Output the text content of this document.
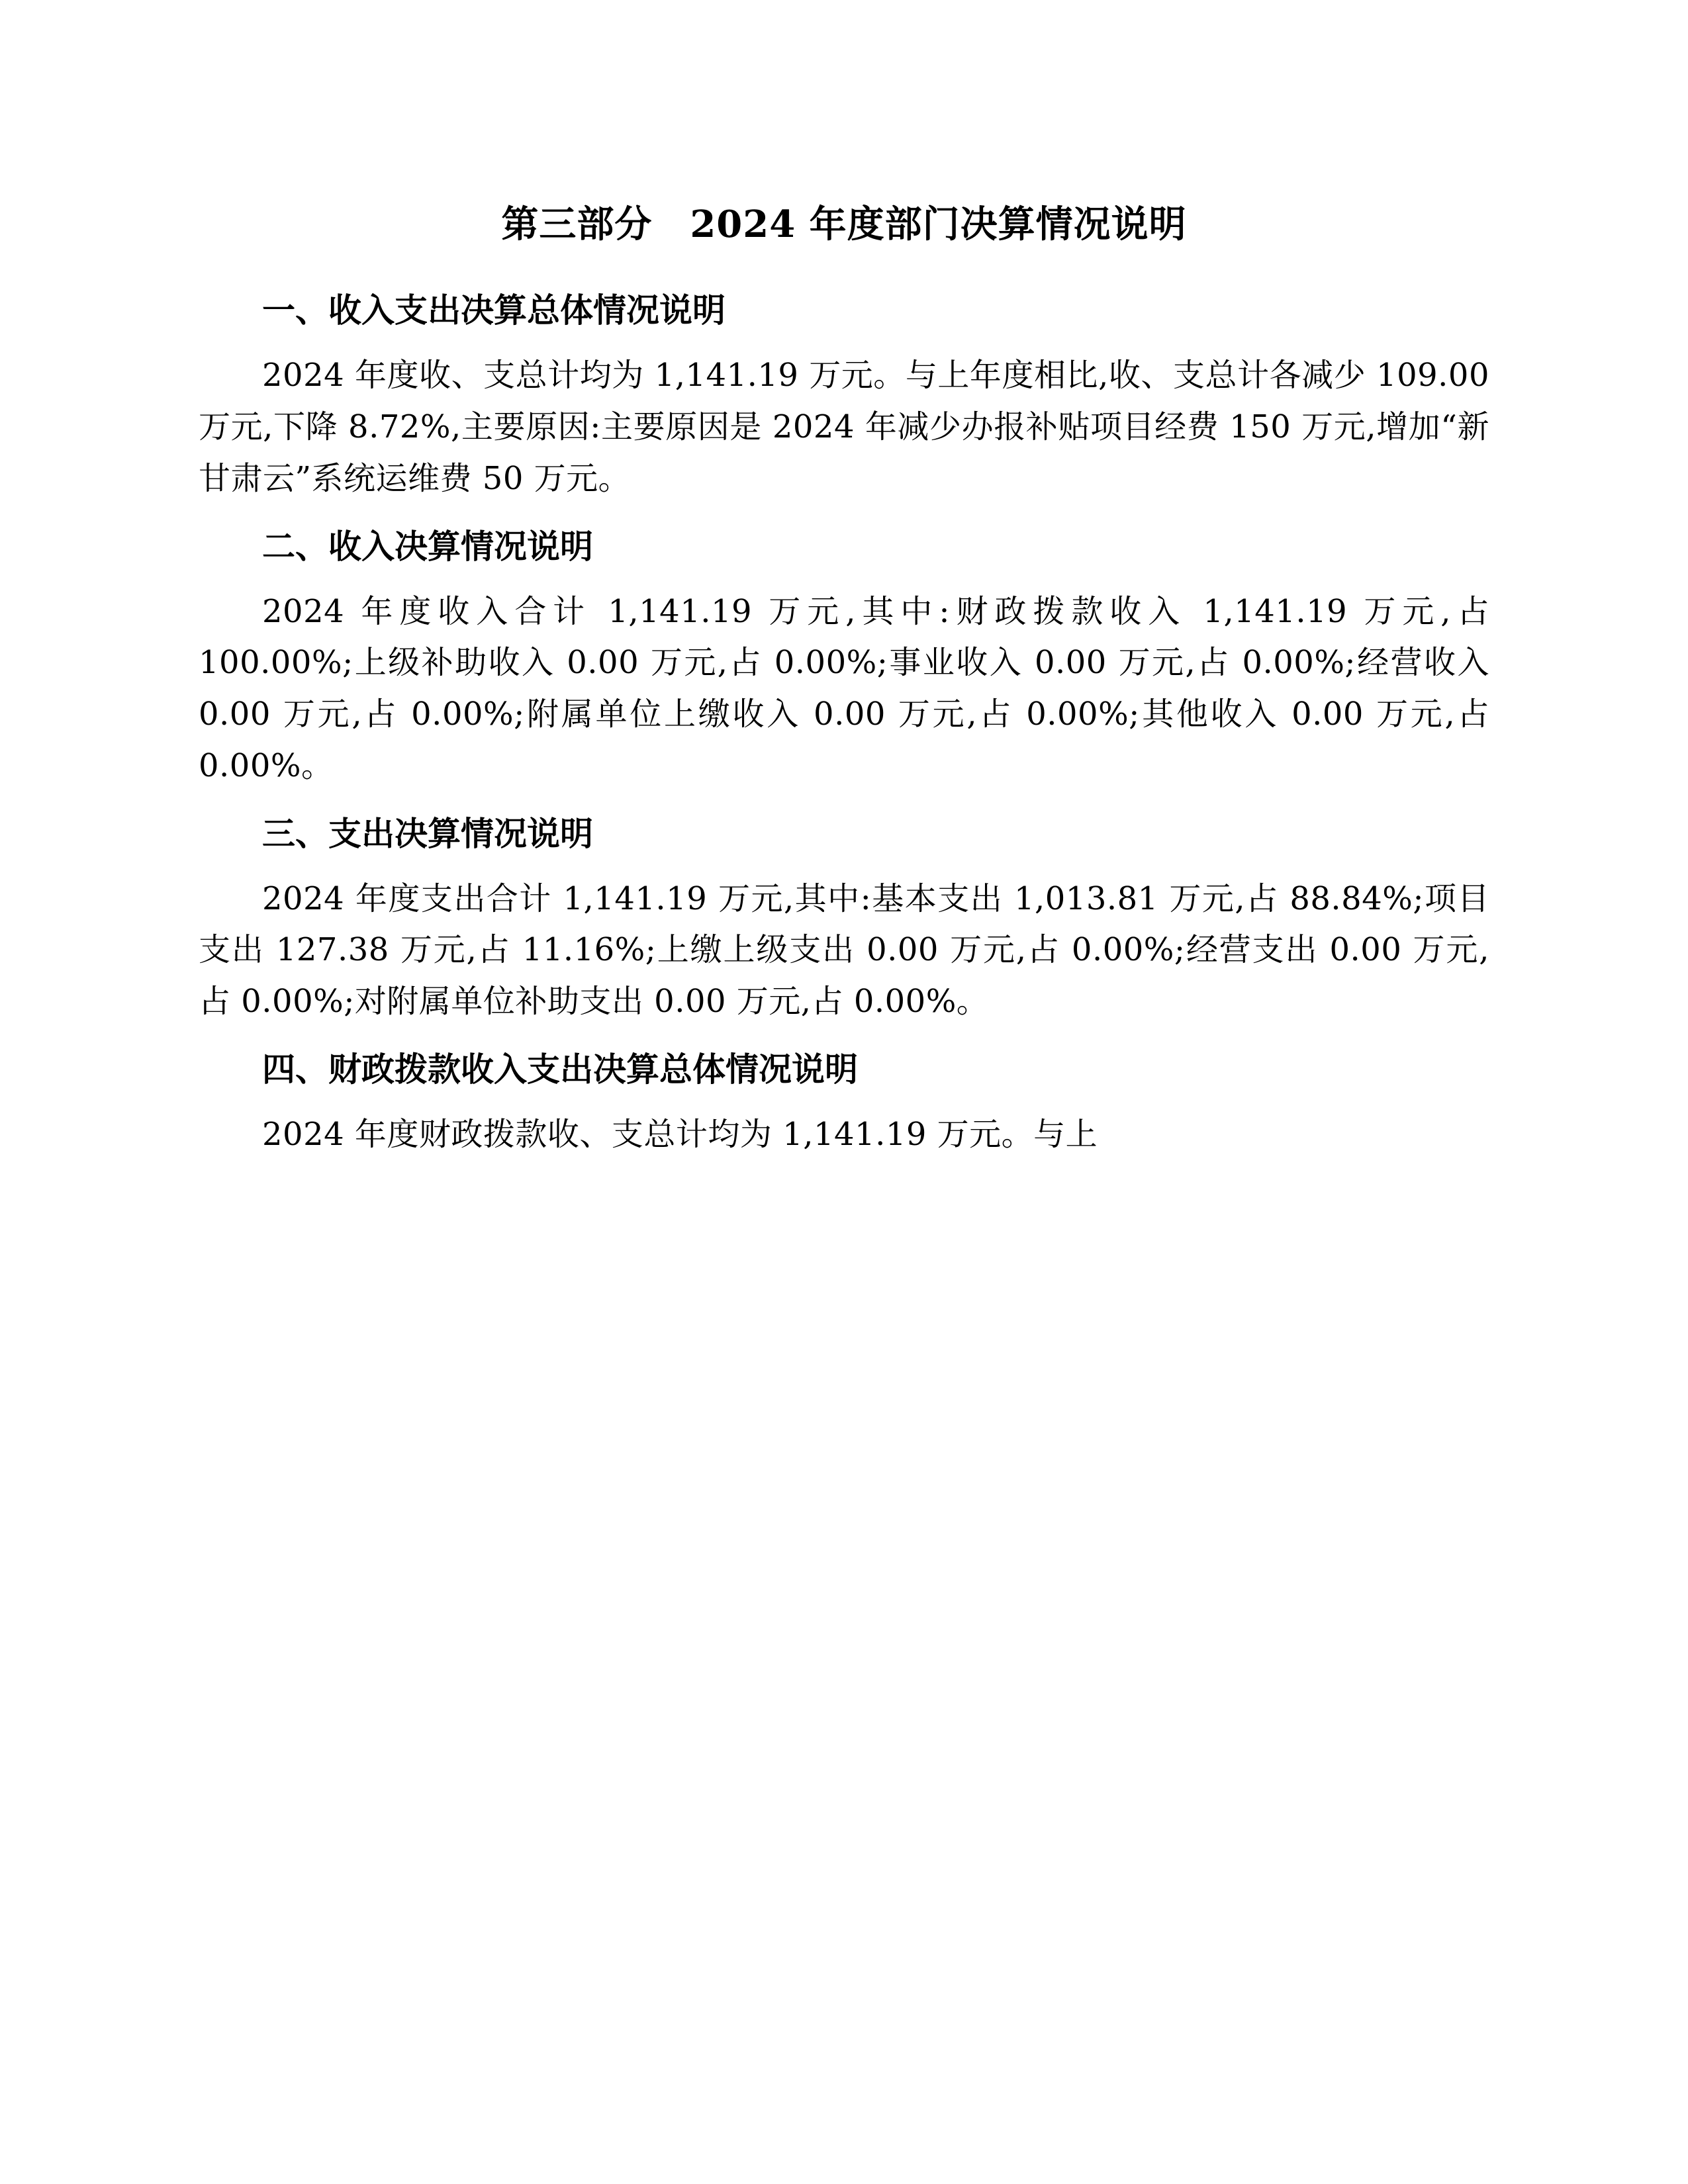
第三部分　2024 年度部门决算情况说明
一、收入支出决算总体情况说明

2024 年度收、支总计均为 1,141.19 万元。与上年度相比,收、支总计各减少 109.00 万元,下降 8.72%,主要原因:主要原因是 2024 年减少办报补贴项目经费 150 万元,增加“新甘肃云”系统运维费 50 万元。

二、收入决算情况说明

2024 年度收入合计 1,141.19 万元,其中:财政拨款收入 1,141.19 万元,占 100.00%;上级补助收入 0.00 万元,占 0.00%;事业收入 0.00 万元,占 0.00%;经营收入 0.00 万元,占 0.00%;附属单位上缴收入 0.00 万元,占 0.00%;其他收入 0.00 万元,占 0.00%。

三、支出决算情况说明

2024 年度支出合计 1,141.19 万元,其中:基本支出 1,013.81 万元,占 88.84%;项目支出 127.38 万元,占 11.16%;上缴上级支出 0.00 万元,占 0.00%;经营支出 0.00 万元,占 0.00%;对附属单位补助支出 0.00 万元,占 0.00%。

四、财政拨款收入支出决算总体情况说明

2024 年度财政拨款收、支总计均为 1,141.19 万元。与上
